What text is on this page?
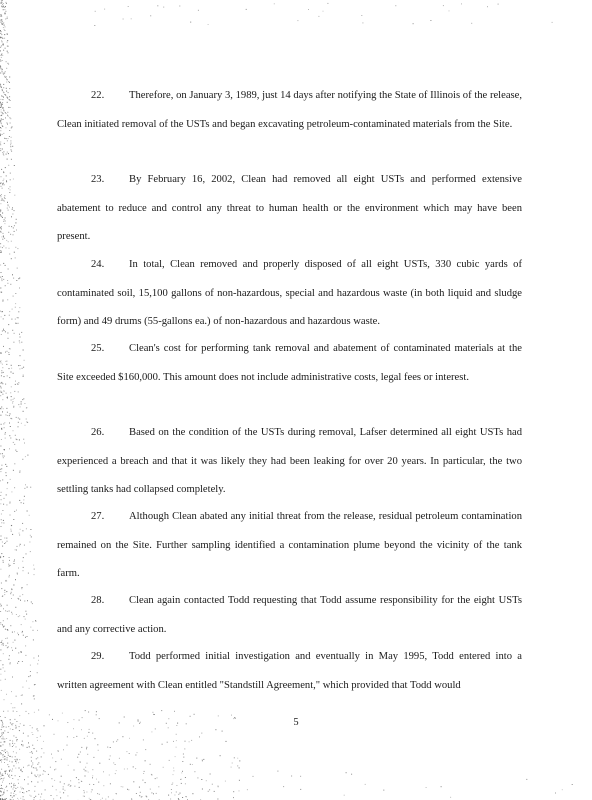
22. Therefore, on January 3, 1989, just 14 days after notifying the State of Illinois of the release, Clean initiated removal of the USTs and began excavating petroleum-contaminated materials from the Site.

23. By February 16, 2002, Clean had removed all eight USTs and performed extensive abatement to reduce and control any threat to human health or the environment which may have been present.

24. In total, Clean removed and properly disposed of all eight USTs, 330 cubic yards of contaminated soil, 15,100 gallons of non-hazardous, special and hazardous waste (in both liquid and sludge form) and 49 drums (55-gallons ea.) of non-hazardous and hazardous waste.

25. Clean's cost for performing tank removal and abatement of contaminated materials at the Site exceeded $160,000. This amount does not include administrative costs, legal fees or interest.

26. Based on the condition of the USTs during removal, Lafser determined all eight USTs had experienced a breach and that it was likely they had been leaking for over 20 years. In particular, the two settling tanks had collapsed completely.

27. Although Clean abated any initial threat from the release, residual petroleum contamination remained on the Site. Further sampling identified a contamination plume beyond the vicinity of the tank farm.

28. Clean again contacted Todd requesting that Todd assume responsibility for the eight USTs and any corrective action.

29. Todd performed initial investigation and eventually in May 1995, Todd entered into a written agreement with Clean entitled "Standstill Agreement," which provided that Todd would

5
